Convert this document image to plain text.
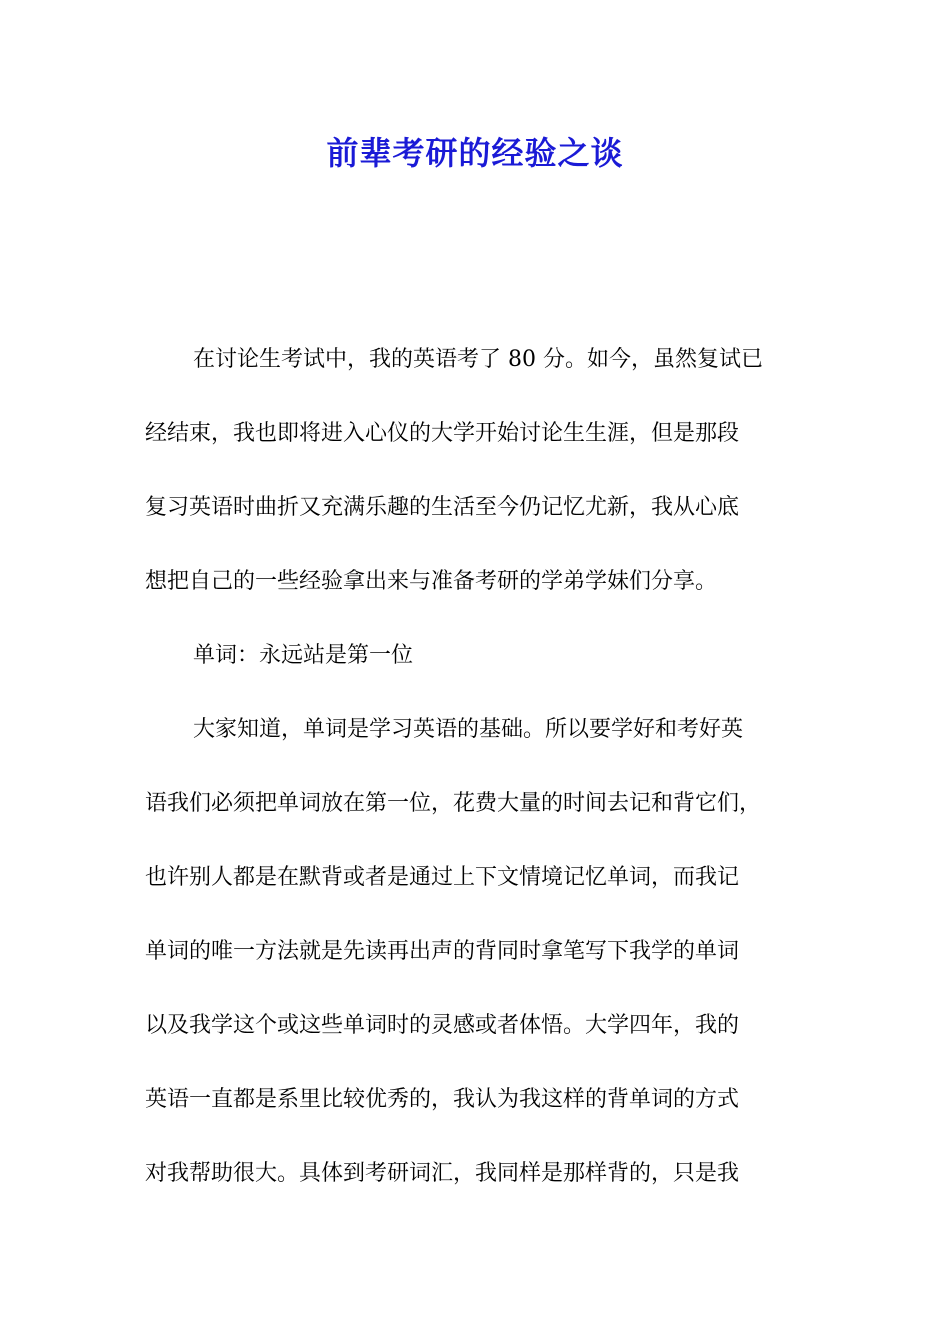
前辈考研的经验之谈
在讨论生考试中，我的英语考了 80 分。如今，虽然复试已
经结束，我也即将进入心仪的大学开始讨论生生涯，但是那段
复习英语时曲折又充满乐趣的生活至今仍记忆尤新，我从心底
想把自己的一些经验拿出来与准备考研的学弟学妹们分享。
单词：永远站是第一位
大家知道，单词是学习英语的基础。所以要学好和考好英
语我们必须把单词放在第一位，花费大量的时间去记和背它们，
也许别人都是在默背或者是通过上下文情境记忆单词，而我记
单词的唯一方法就是先读再出声的背同时拿笔写下我学的单词
以及我学这个或这些单词时的灵感或者体悟。大学四年，我的
英语一直都是系里比较优秀的，我认为我这样的背单词的方式
对我帮助很大。具体到考研词汇，我同样是那样背的，只是我
